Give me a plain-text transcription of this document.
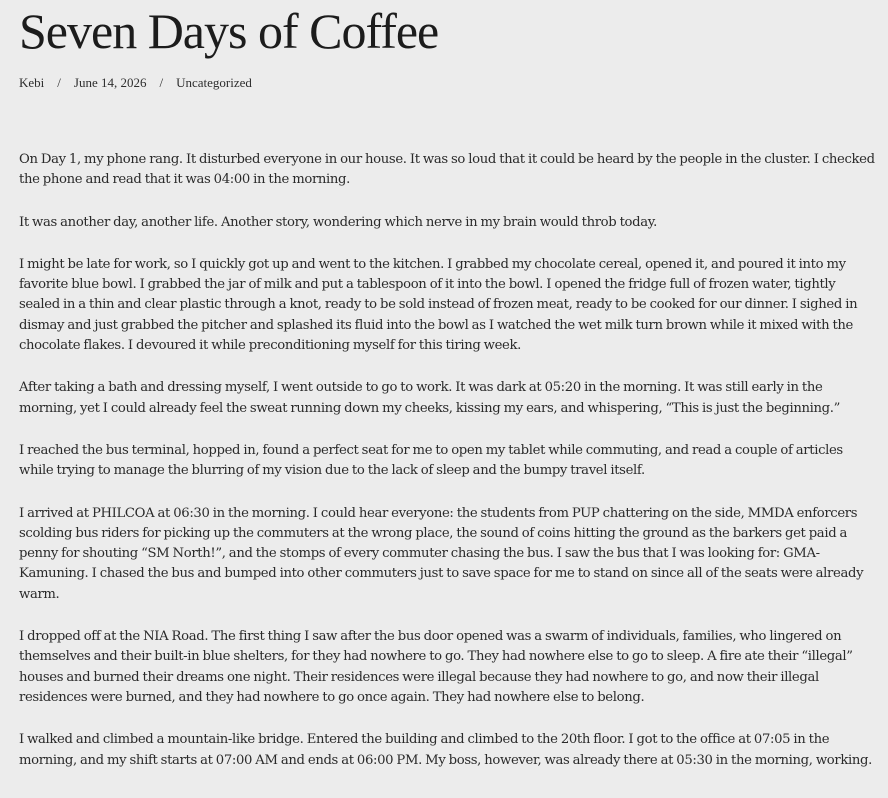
Seven Days of Coffee
Kebi / June 14, 2026 / Uncategorized

On Day 1, my phone rang. It disturbed everyone in our house. It was so loud that it could be heard by the people in the cluster. I checked the phone and read that it was 04:00 in the morning.

It was another day, another life. Another story, wondering which nerve in my brain would throb today.

I might be late for work, so I quickly got up and went to the kitchen. I grabbed my chocolate cereal, opened it, and poured it into my favorite blue bowl. I grabbed the jar of milk and put a tablespoon of it into the bowl. I opened the fridge full of frozen water, tightly sealed in a thin and clear plastic through a knot, ready to be sold instead of frozen meat, ready to be cooked for our dinner. I sighed in dismay and just grabbed the pitcher and splashed its fluid into the bowl as I watched the wet milk turn brown while it mixed with the chocolate flakes. I devoured it while preconditioning myself for this tiring week.

After taking a bath and dressing myself, I went outside to go to work. It was dark at 05:20 in the morning. It was still early in the morning, yet I could already feel the sweat running down my cheeks, kissing my ears, and whispering, “This is just the beginning.”

I reached the bus terminal, hopped in, found a perfect seat for me to open my tablet while commuting, and read a couple of articles while trying to manage the blurring of my vision due to the lack of sleep and the bumpy travel itself.

I arrived at PHILCOA at 06:30 in the morning. I could hear everyone: the students from PUP chattering on the side, MMDA enforcers scolding bus riders for picking up the commuters at the wrong place, the sound of coins hitting the ground as the barkers get paid a penny for shouting “SM North!”, and the stomps of every commuter chasing the bus. I saw the bus that I was looking for: GMA-Kamuning. I chased the bus and bumped into other commuters just to save space for me to stand on since all of the seats were already warm.

I dropped off at the NIA Road. The first thing I saw after the bus door opened was a swarm of individuals, families, who lingered on themselves and their built-in blue shelters, for they had nowhere to go. They had nowhere else to go to sleep. A fire ate their “illegal” houses and burned their dreams one night. Their residences were illegal because they had nowhere to go, and now their illegal residences were burned, and they had nowhere to go once again. They had nowhere else to belong.

I walked and climbed a mountain-like bridge. Entered the building and climbed to the 20th floor. I got to the office at 07:05 in the morning, and my shift starts at 07:00 AM and ends at 06:00 PM. My boss, however, was already there at 05:30 in the morning, working.
